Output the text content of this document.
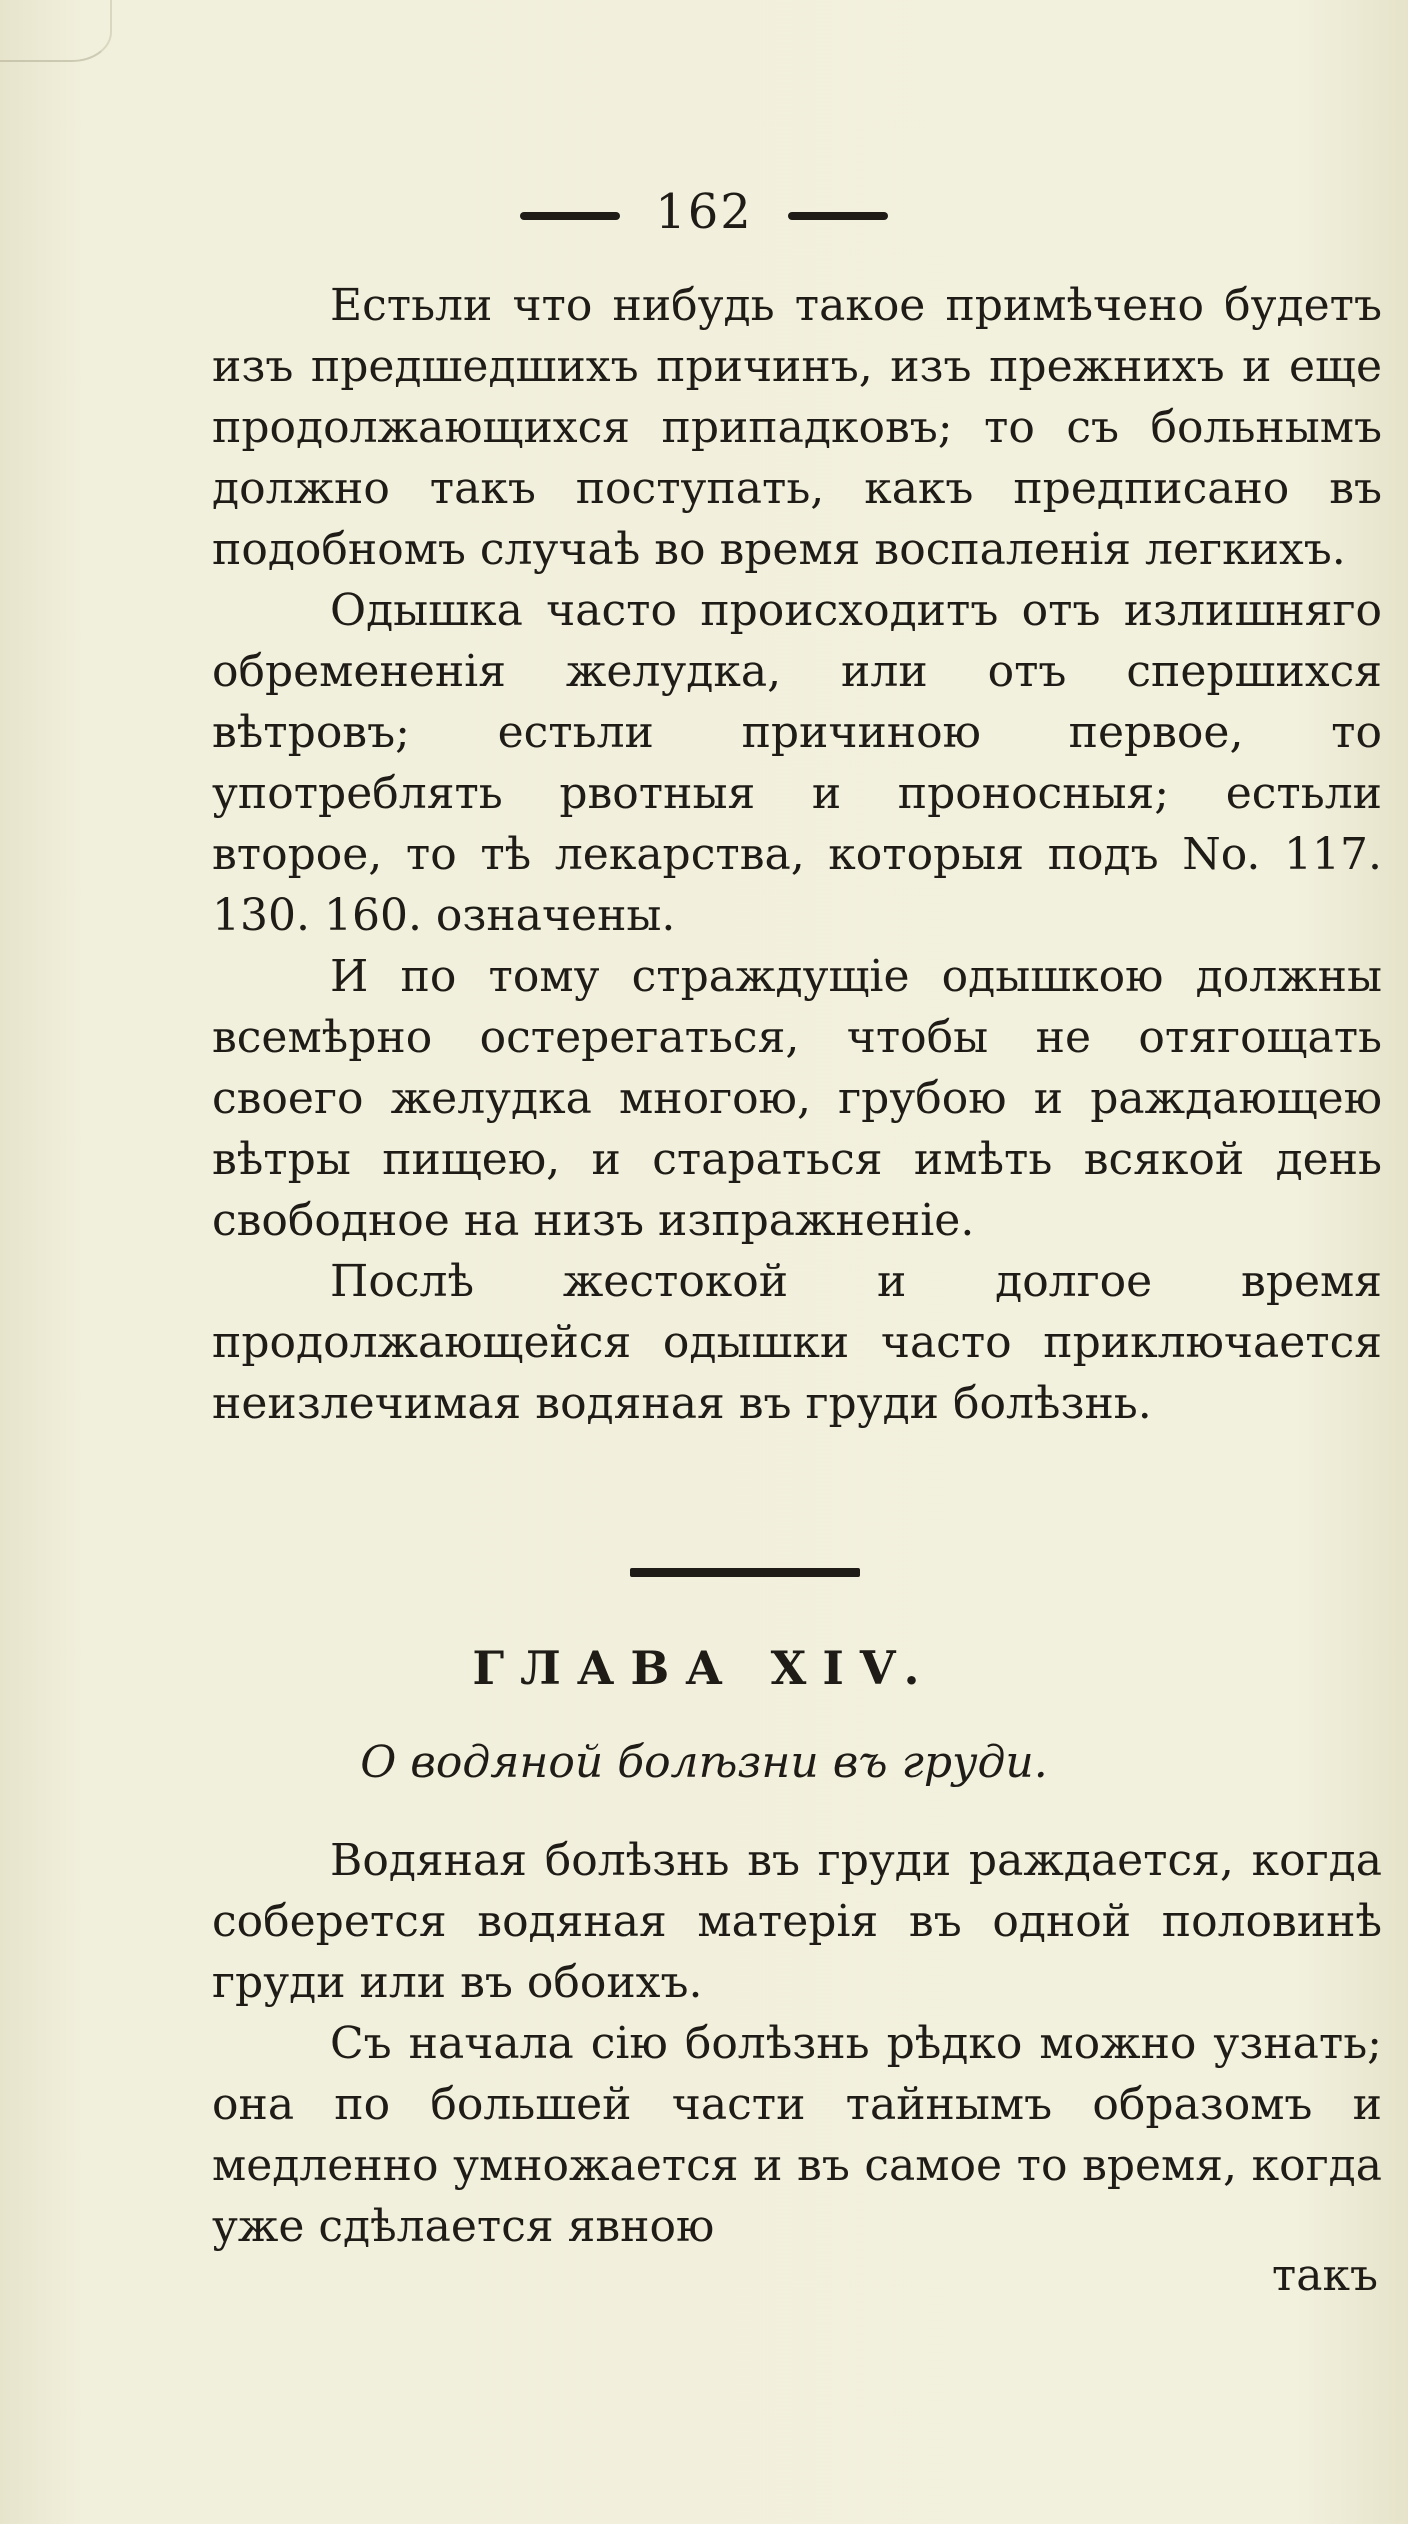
162

Естьли что нибудь такое примѣчено будетъ изъ предшедшихъ причинъ, изъ прежнихъ и еще продолжающихся припадковъ; то съ больнымъ должно такъ поступать, какъ предписано въ подобномъ случаѣ во время воспаленія легкихъ.

Одышка часто происходитъ отъ излишняго обремененія желудка, или отъ спершихся вѣтровъ; естьли причиною первое, то употреблять рвотныя и проносныя; естьли второе, то тѣ лекарства, которыя подъ No. 117. 130. 160. означены.

И по тому страждущіе одышкою должны всемѣрно остерегаться, чтобы не отягощать своего желудка многою, грубою и раждающею вѣтры пищею, и стараться имѣть всякой день свободное на низъ изпражненіе.

Послѣ жестокой и долгое время продолжающейся одышки часто приключается неизлечимая водяная въ груди болѣзнь.

ГЛАВА XIV.
О водяной болѣзни въ груди.

Водяная болѣзнь въ груди раждается, когда соберется водяная матерія въ одной половинѣ груди или въ обоихъ.

Съ начала сію болѣзнь рѣдко можно узнать; она по большей части тайнымъ образомъ и медленно умножается и въ самое то время, когда уже сдѣлается явною

такъ
